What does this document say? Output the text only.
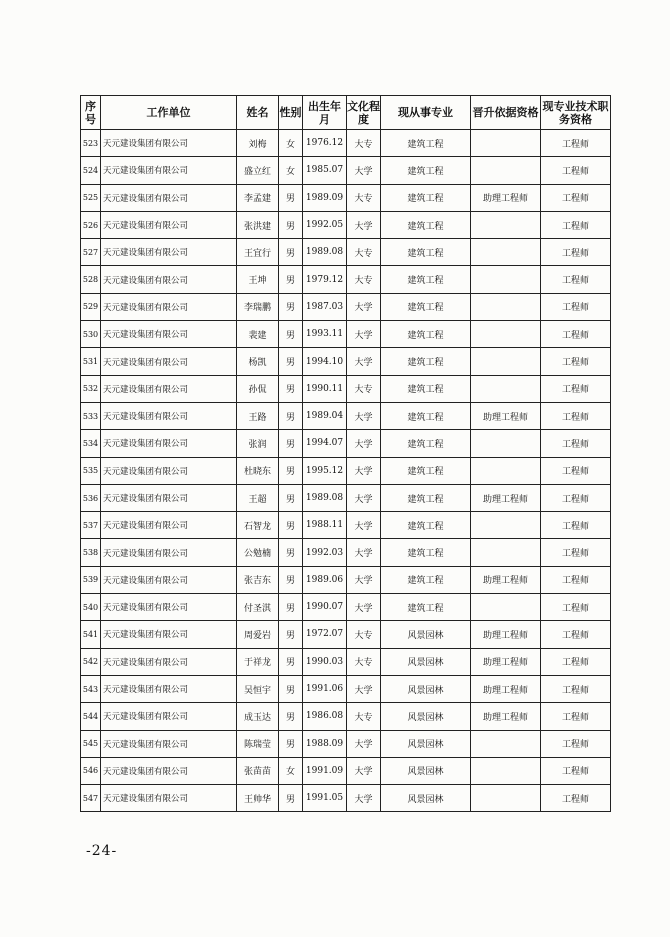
序号	工作单位	姓名	性别	出生年月	文化程度	现从事专业	晋升依据资格	现专业技术职务资格
523	天元建设集团有限公司	刘梅	女	1976.12	大专	建筑工程		工程师
524	天元建设集团有限公司	盛立红	女	1985.07	大学	建筑工程		工程师
525	天元建设集团有限公司	李孟建	男	1989.09	大专	建筑工程	助理工程师	工程师
526	天元建设集团有限公司	张洪建	男	1992.05	大学	建筑工程		工程师
527	天元建设集团有限公司	王宜行	男	1989.08	大专	建筑工程		工程师
528	天元建设集团有限公司	王坤	男	1979.12	大专	建筑工程		工程师
529	天元建设集团有限公司	李瑞鹏	男	1987.03	大学	建筑工程		工程师
530	天元建设集团有限公司	裴建	男	1993.11	大学	建筑工程		工程师
531	天元建设集团有限公司	杨凯	男	1994.10	大学	建筑工程		工程师
532	天元建设集团有限公司	孙侃	男	1990.11	大专	建筑工程		工程师
533	天元建设集团有限公司	王路	男	1989.04	大学	建筑工程	助理工程师	工程师
534	天元建设集团有限公司	张润	男	1994.07	大学	建筑工程		工程师
535	天元建设集团有限公司	杜晓东	男	1995.12	大学	建筑工程		工程师
536	天元建设集团有限公司	王超	男	1989.08	大学	建筑工程	助理工程师	工程师
537	天元建设集团有限公司	石智龙	男	1988.11	大学	建筑工程		工程师
538	天元建设集团有限公司	公勉楠	男	1992.03	大学	建筑工程		工程师
539	天元建设集团有限公司	张吉东	男	1989.06	大学	建筑工程	助理工程师	工程师
540	天元建设集团有限公司	付圣淇	男	1990.07	大学	建筑工程		工程师
541	天元建设集团有限公司	周爱岩	男	1972.07	大专	风景园林	助理工程师	工程师
542	天元建设集团有限公司	于祥龙	男	1990.03	大专	风景园林	助理工程师	工程师
543	天元建设集团有限公司	吴恒宇	男	1991.06	大学	风景园林	助理工程师	工程师
544	天元建设集团有限公司	成玉达	男	1986.08	大专	风景园林	助理工程师	工程师
545	天元建设集团有限公司	陈瑞莹	男	1988.09	大学	风景园林		工程师
546	天元建设集团有限公司	张苗苗	女	1991.09	大学	风景园林		工程师
547	天元建设集团有限公司	王帅华	男	1991.05	大学	风景园林		工程师
-24-
